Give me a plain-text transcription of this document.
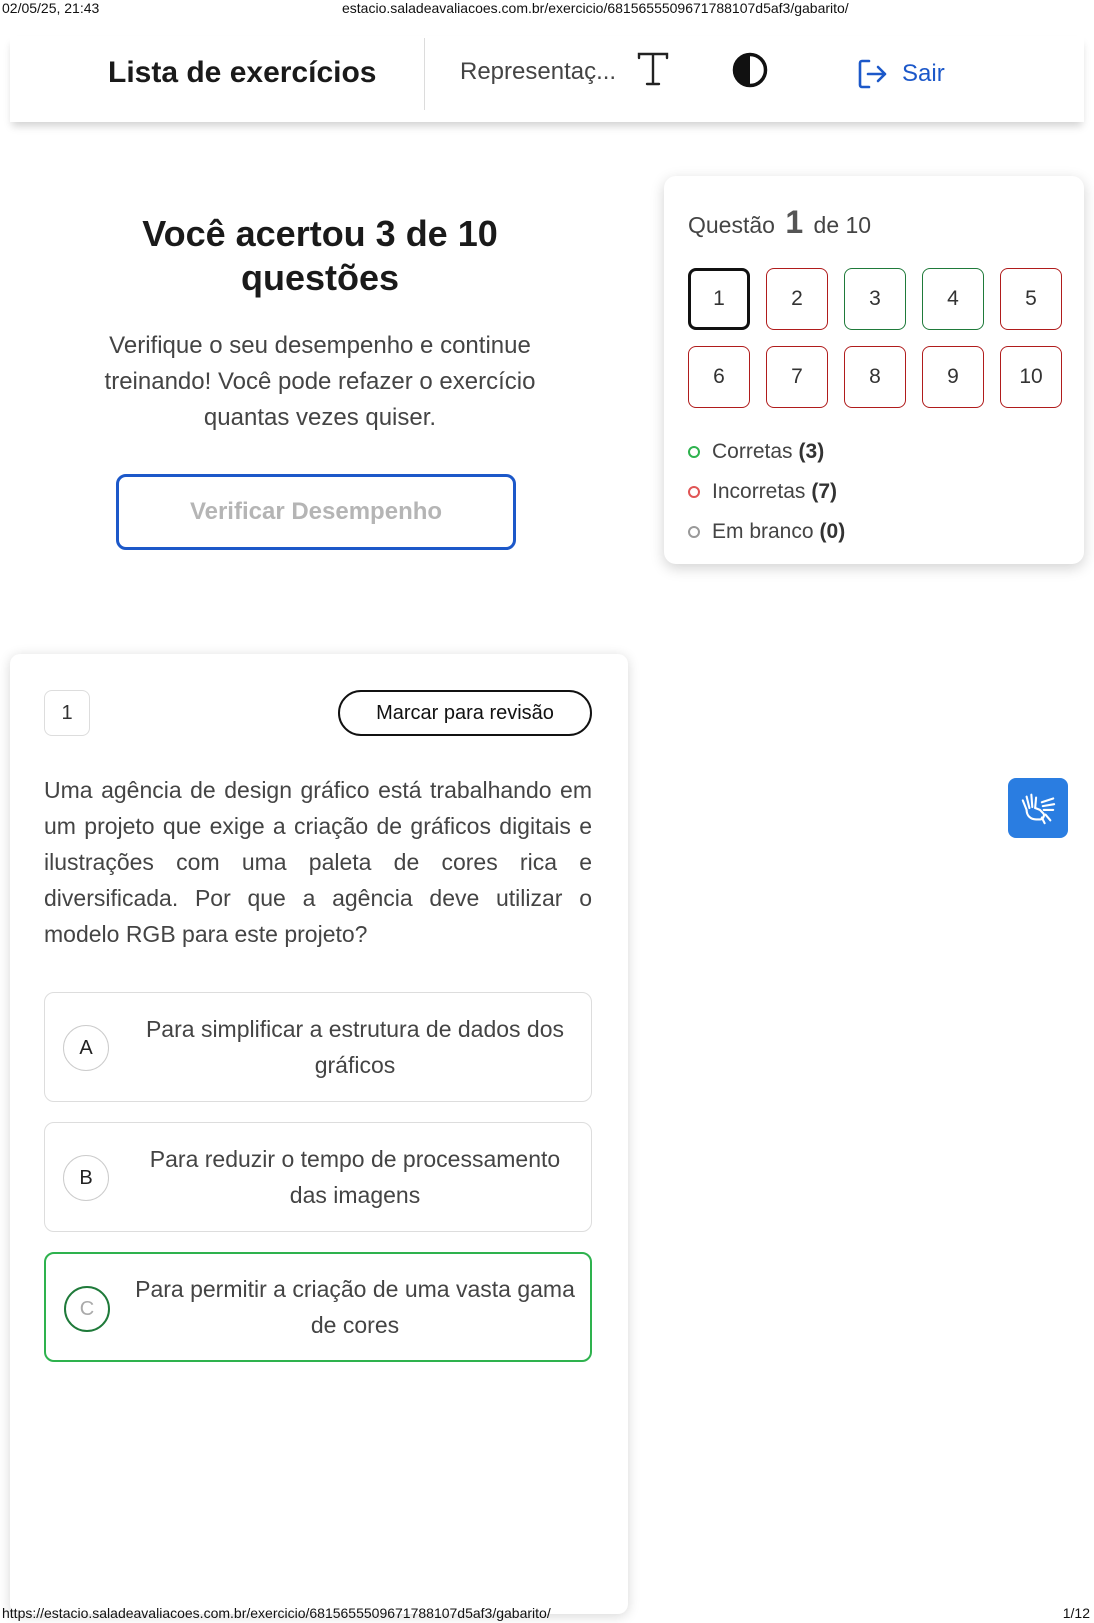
02/05/25, 21:43	estacio.saladeavaliacoes.com.br/exercicio/6815655509671788107d5af3/gabarito/
Lista de exercícios	Representaç...	Sair
Você acertou 3 de 10 questões
Verifique o seu desempenho e continue treinando! Você pode refazer o exercício quantas vezes quiser.
Verificar Desempenho
Questão 1 de 10
1	2	3	4	5
6	7	8	9	10
Corretas (3)
Incorretas (7)
Em branco (0)
1	Marcar para revisão
Uma agência de design gráfico está trabalhando em um projeto que exige a criação de gráficos digitais e ilustrações com uma paleta de cores rica e diversificada. Por que a agência deve utilizar o modelo RGB para este projeto?
A
Para simplificar a estrutura de dados dos gráficos
B
Para reduzir o tempo de processamento das imagens
C
Para permitir a criação de uma vasta gama de cores
https://estacio.saladeavaliacoes.com.br/exercicio/6815655509671788107d5af3/gabarito/	1/12
